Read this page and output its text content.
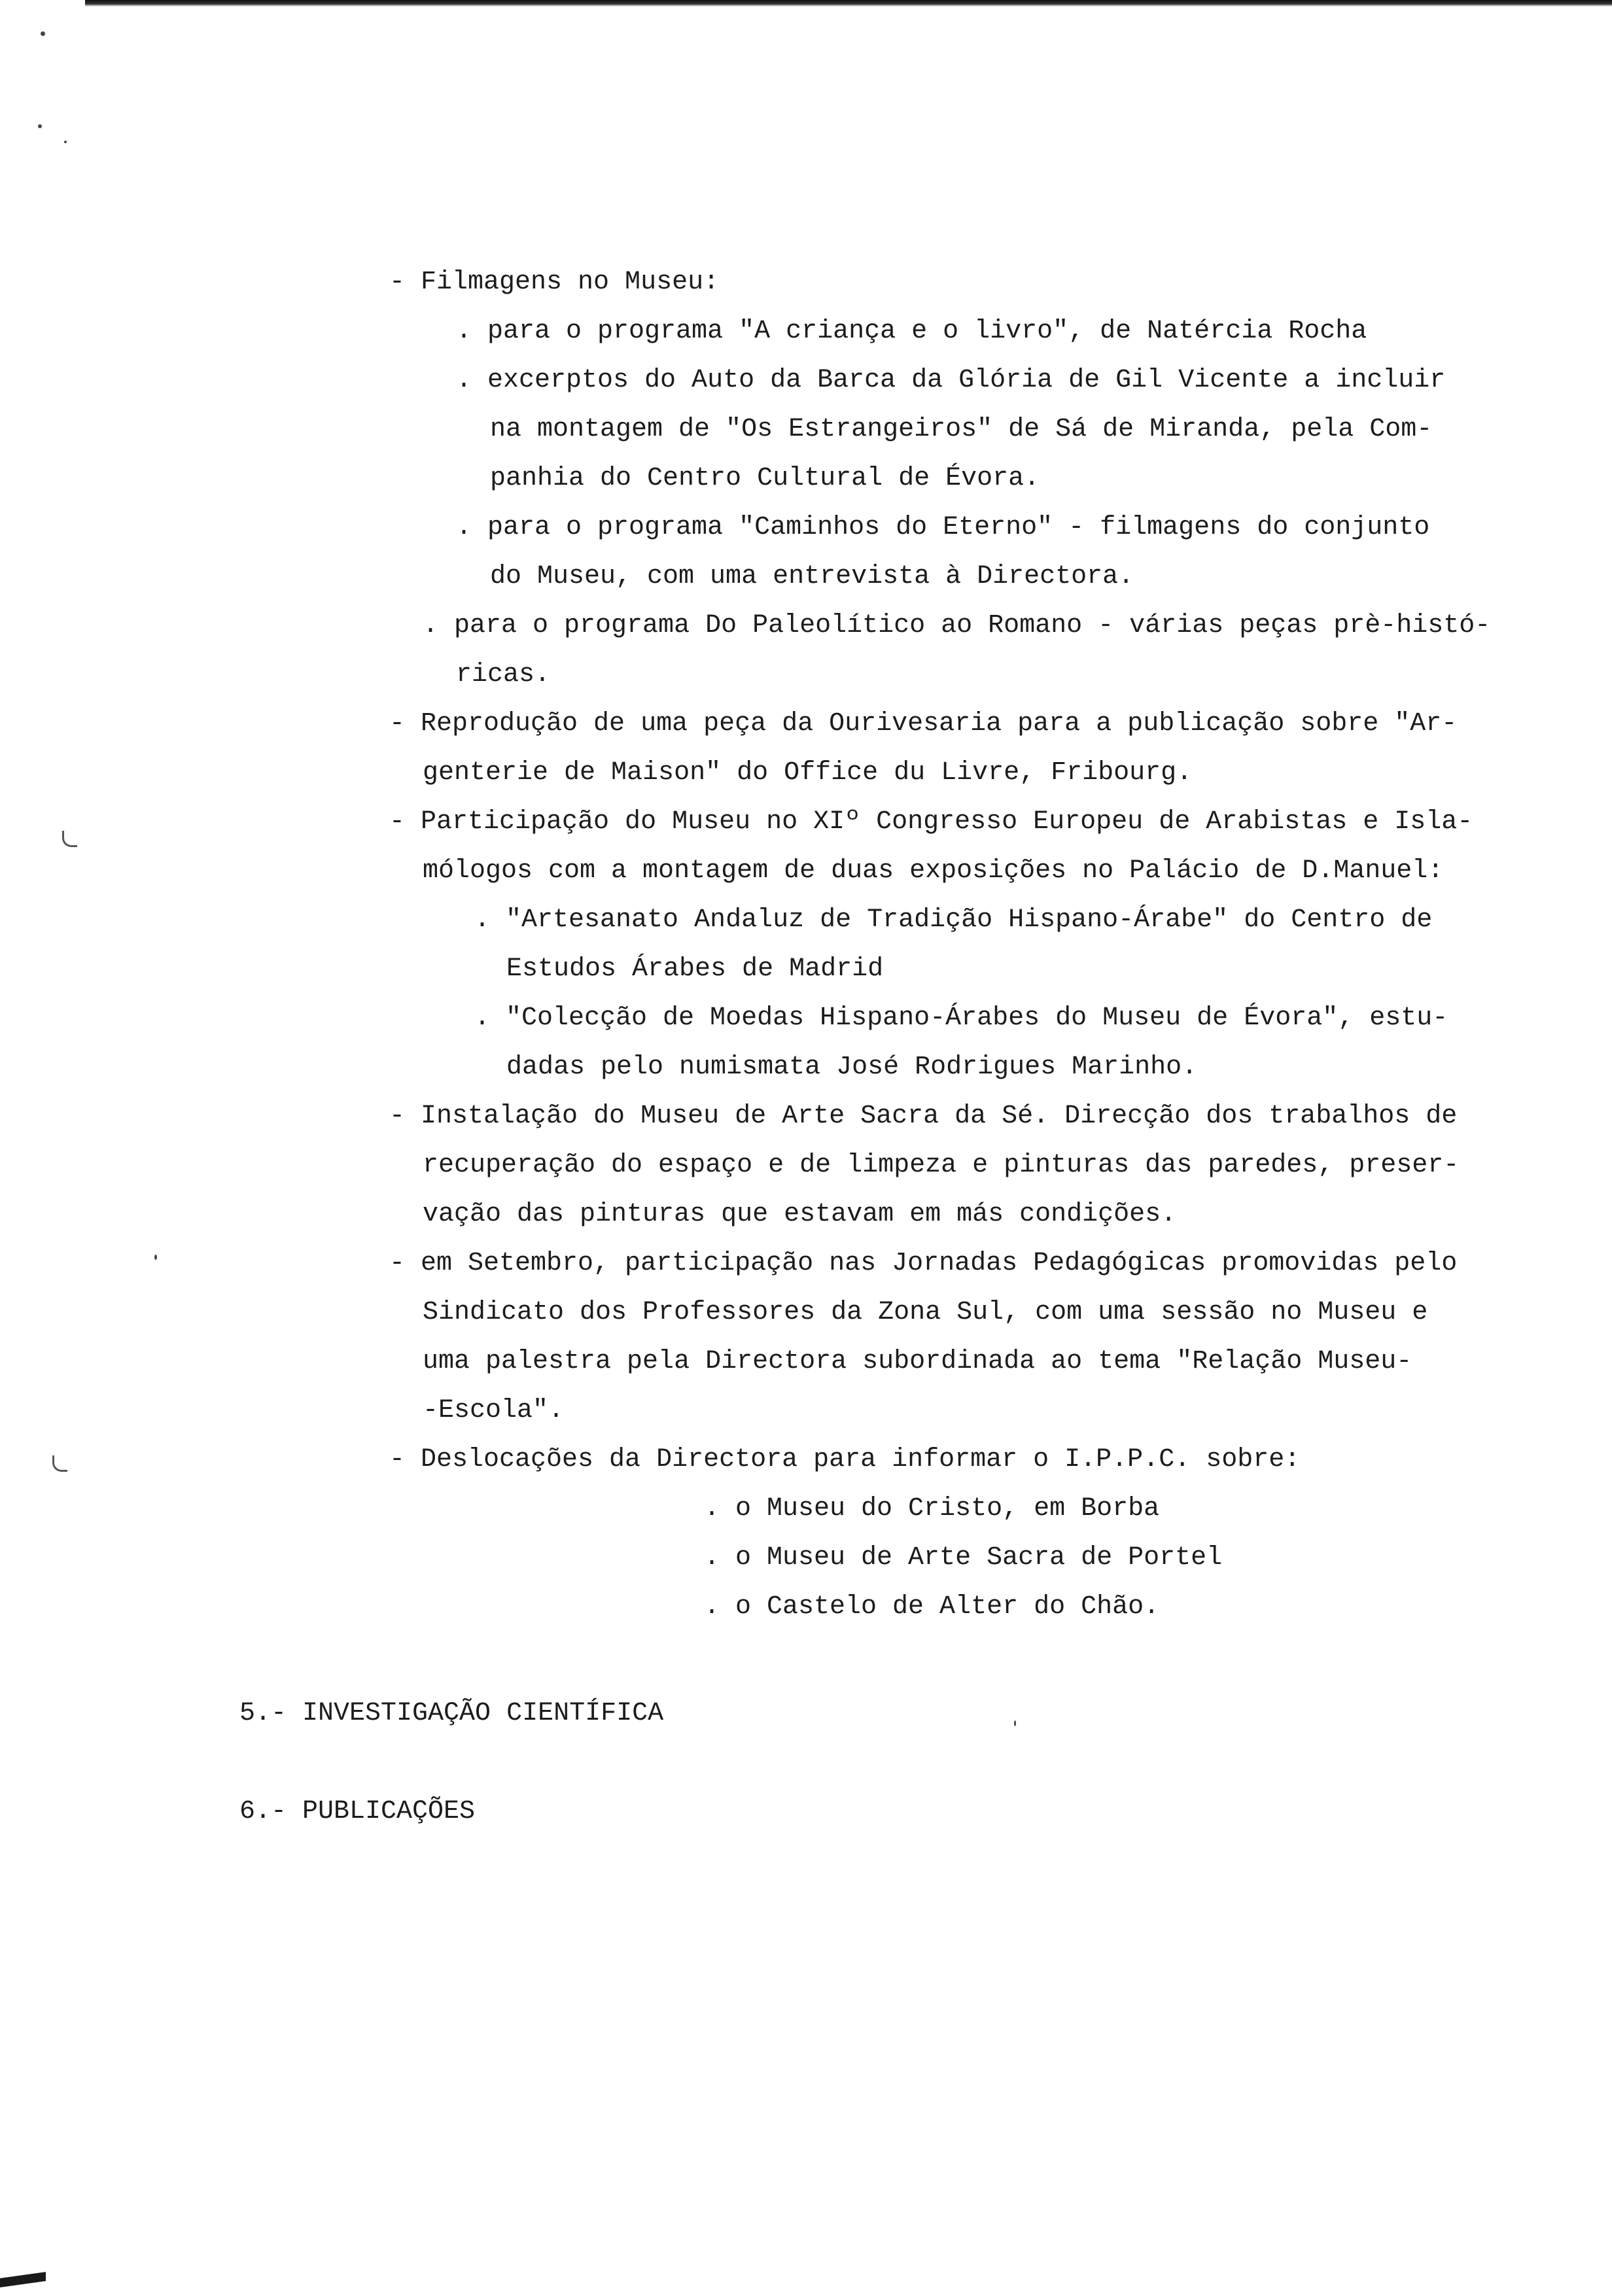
- Filmagens no Museu:
. para o programa "A criança e o livro", de Natércia Rocha
. excerptos do Auto da Barca da Glória de Gil Vicente a incluir
na montagem de "Os Estrangeiros" de Sá de Miranda, pela Com-
panhia do Centro Cultural de Évora.
. para o programa "Caminhos do Eterno" - filmagens do conjunto
do Museu, com uma entrevista à Directora.
. para o programa Do Paleolítico ao Romano - várias peças prè-histó-
ricas.
- Reprodução de uma peça da Ourivesaria para a publicação sobre "Ar-
genterie de Maison" do Office du Livre, Fribourg.
- Participação do Museu no XIº Congresso Europeu de Arabistas e Isla-
mólogos com a montagem de duas exposições no Palácio de D.Manuel:
. "Artesanato Andaluz de Tradição Hispano-Árabe" do Centro de
Estudos Árabes de Madrid
. "Colecção de Moedas Hispano-Árabes do Museu de Évora", estu-
dadas pelo numismata José Rodrigues Marinho.
- Instalação do Museu de Arte Sacra da Sé. Direcção dos trabalhos de
recuperação do espaço e de limpeza e pinturas das paredes, preser-
vação das pinturas que estavam em más condições.
- em Setembro, participação nas Jornadas Pedagógicas promovidas pelo
Sindicato dos Professores da Zona Sul, com uma sessão no Museu e
uma palestra pela Directora subordinada ao tema "Relação Museu-
-Escola".
- Deslocações da Directora para informar o I.P.P.C. sobre:
. o Museu do Cristo, em Borba
. o Museu de Arte Sacra de Portel
. o Castelo de Alter do Chão.
5.- INVESTIGAÇÃO CIENTÍFICA
6.- PUBLICAÇÕES
